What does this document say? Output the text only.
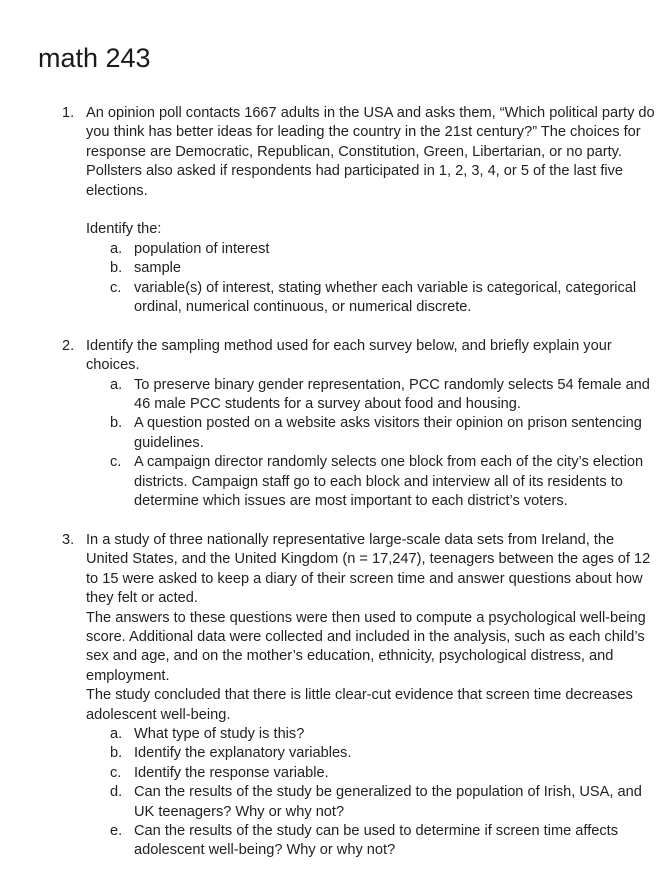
math 243
1. An opinion poll contacts 1667 adults in the USA and asks them, “Which political party do you think has better ideas for leading the country in the 21st century?” The choices for response are Democratic, Republican, Constitution, Green, Libertarian, or no party. Pollsters also asked if respondents had participated in 1, 2, 3, 4, or 5 of the last five elections.

Identify the:

a. population of interest
b. sample
c. variable(s) of interest, stating whether each variable is categorical, categorical ordinal, numerical continuous, or numerical discrete.
2. Identify the sampling method used for each survey below, and briefly explain your choices.

a. To preserve binary gender representation, PCC randomly selects 54 female and 46 male PCC students for a survey about food and housing.
b. A question posted on a website asks visitors their opinion on prison sentencing guidelines.
c. A campaign director randomly selects one block from each of the city’s election districts. Campaign staff go to each block and interview all of its residents to determine which issues are most important to each district’s voters.
3. In a study of three nationally representative large-scale data sets from Ireland, the United States, and the United Kingdom (n = 17,247), teenagers between the ages of 12 to 15 were asked to keep a diary of their screen time and answer questions about how they felt or acted.

The answers to these questions were then used to compute a psychological well-being score. Additional data were collected and included in the analysis, such as each child’s sex and age, and on the mother’s education, ethnicity, psychological distress, and employment.

The study concluded that there is little clear-cut evidence that screen time decreases adolescent well-being.

a. What type of study is this?
b. Identify the explanatory variables.
c. Identify the response variable.
d. Can the results of the study be generalized to the population of Irish, USA, and UK teenagers? Why or why not?
e. Can the results of the study can be used to determine if screen time affects adolescent well-being? Why or why not?
